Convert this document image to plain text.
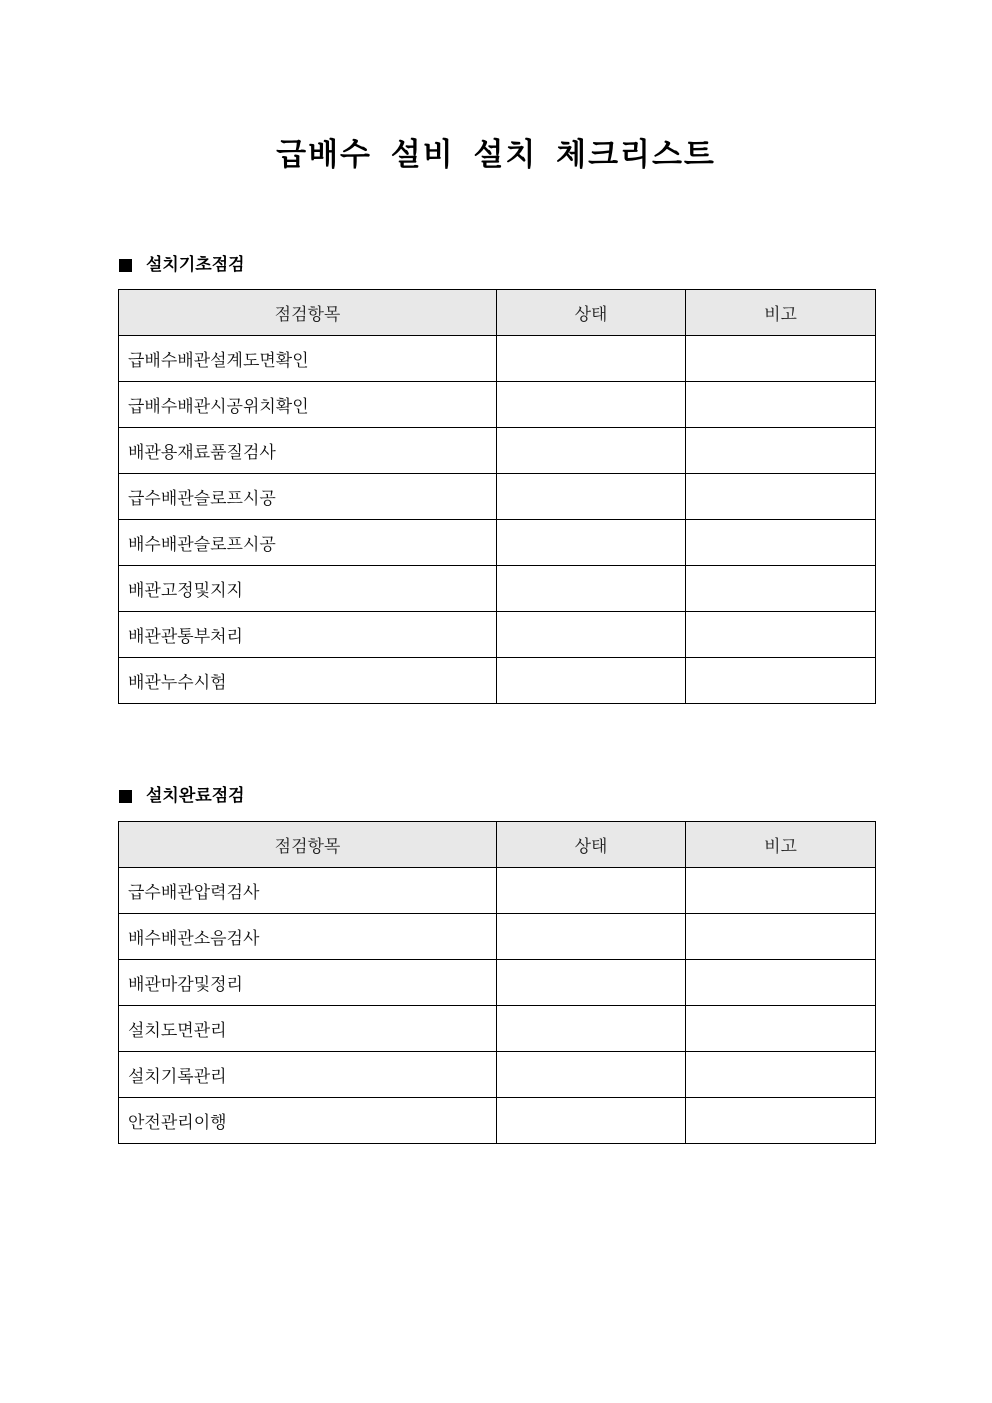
급배수 설비 설치 체크리스트
설치기초점검
점검항목	상태	비고
급배수배관설계도면확인		
급배수배관시공위치확인		
배관용재료품질검사		
급수배관슬로프시공		
배수배관슬로프시공		
배관고정및지지		
배관관통부처리		
배관누수시험		
설치완료점검
점검항목	상태	비고
급수배관압력검사		
배수배관소음검사		
배관마감및정리		
설치도면관리		
설치기록관리		
안전관리이행		
